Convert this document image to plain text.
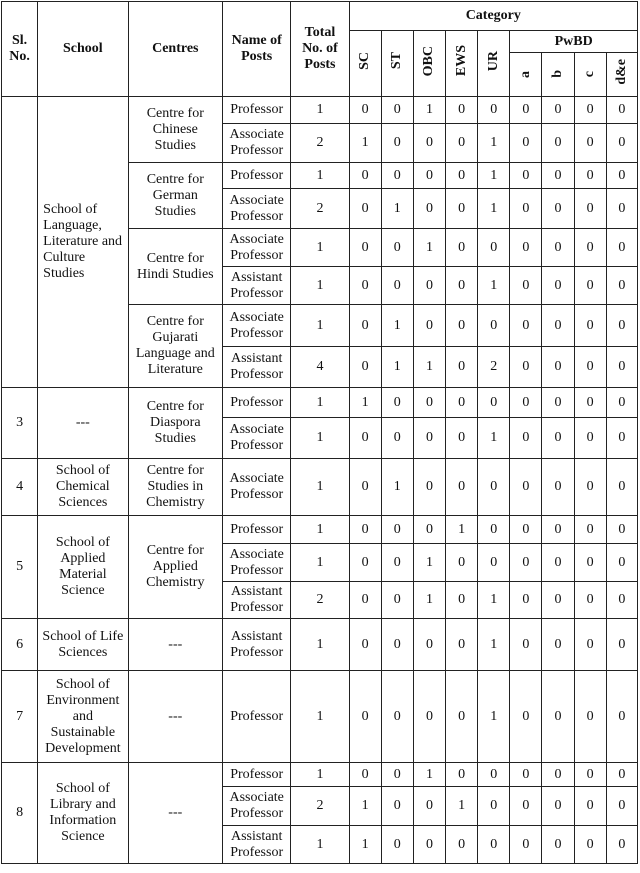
Sl. No.	School	Centres	Name of Posts	Total No. of Posts	Category								
					SC	ST	OBC	EWS	UR	PwBD			
										a	b	c	d&e
	School of Language, Literature and Culture Studies	Centre for Chinese Studies	Professor	1	0	0	1	0	0	0	0	0	0
			Associate Professor	2	1	0	0	0	1	0	0	0	0
		Centre for German Studies	Professor	1	0	0	0	0	1	0	0	0	0
			Associate Professor	2	0	1	0	0	1	0	0	0	0
		Centre for Hindi Studies	Associate Professor	1	0	0	1	0	0	0	0	0	0
			Assistant Professor	1	0	0	0	0	1	0	0	0	0
		Centre for Gujarati Language and Literature	Associate Professor	1	0	1	0	0	0	0	0	0	0
			Assistant Professor	4	0	1	1	0	2	0	0	0	0
3	---	Centre for Diaspora Studies	Professor	1	1	0	0	0	0	0	0	0	0
			Associate Professor	1	0	0	0	0	1	0	0	0	0
4	School of Chemical Sciences	Centre for Studies in Chemistry	Associate Professor	1	0	1	0	0	0	0	0	0	0
5	School of Applied Material Science	Centre for Applied Chemistry	Professor	1	0	0	0	1	0	0	0	0	0
			Associate Professor	1	0	0	1	0	0	0	0	0	0
			Assistant Professor	2	0	0	1	0	1	0	0	0	0
6	School of Life Sciences	---	Assistant Professor	1	0	0	0	0	1	0	0	0	0
7	School of Environment and Sustainable Development	---	Professor	1	0	0	0	0	1	0	0	0	0
8	School of Library and Information Science	---	Professor	1	0	0	1	0	0	0	0	0	0
			Associate Professor	2	1	0	0	1	0	0	0	0	0
			Assistant Professor	1	1	0	0	0	0	0	0	0	0
